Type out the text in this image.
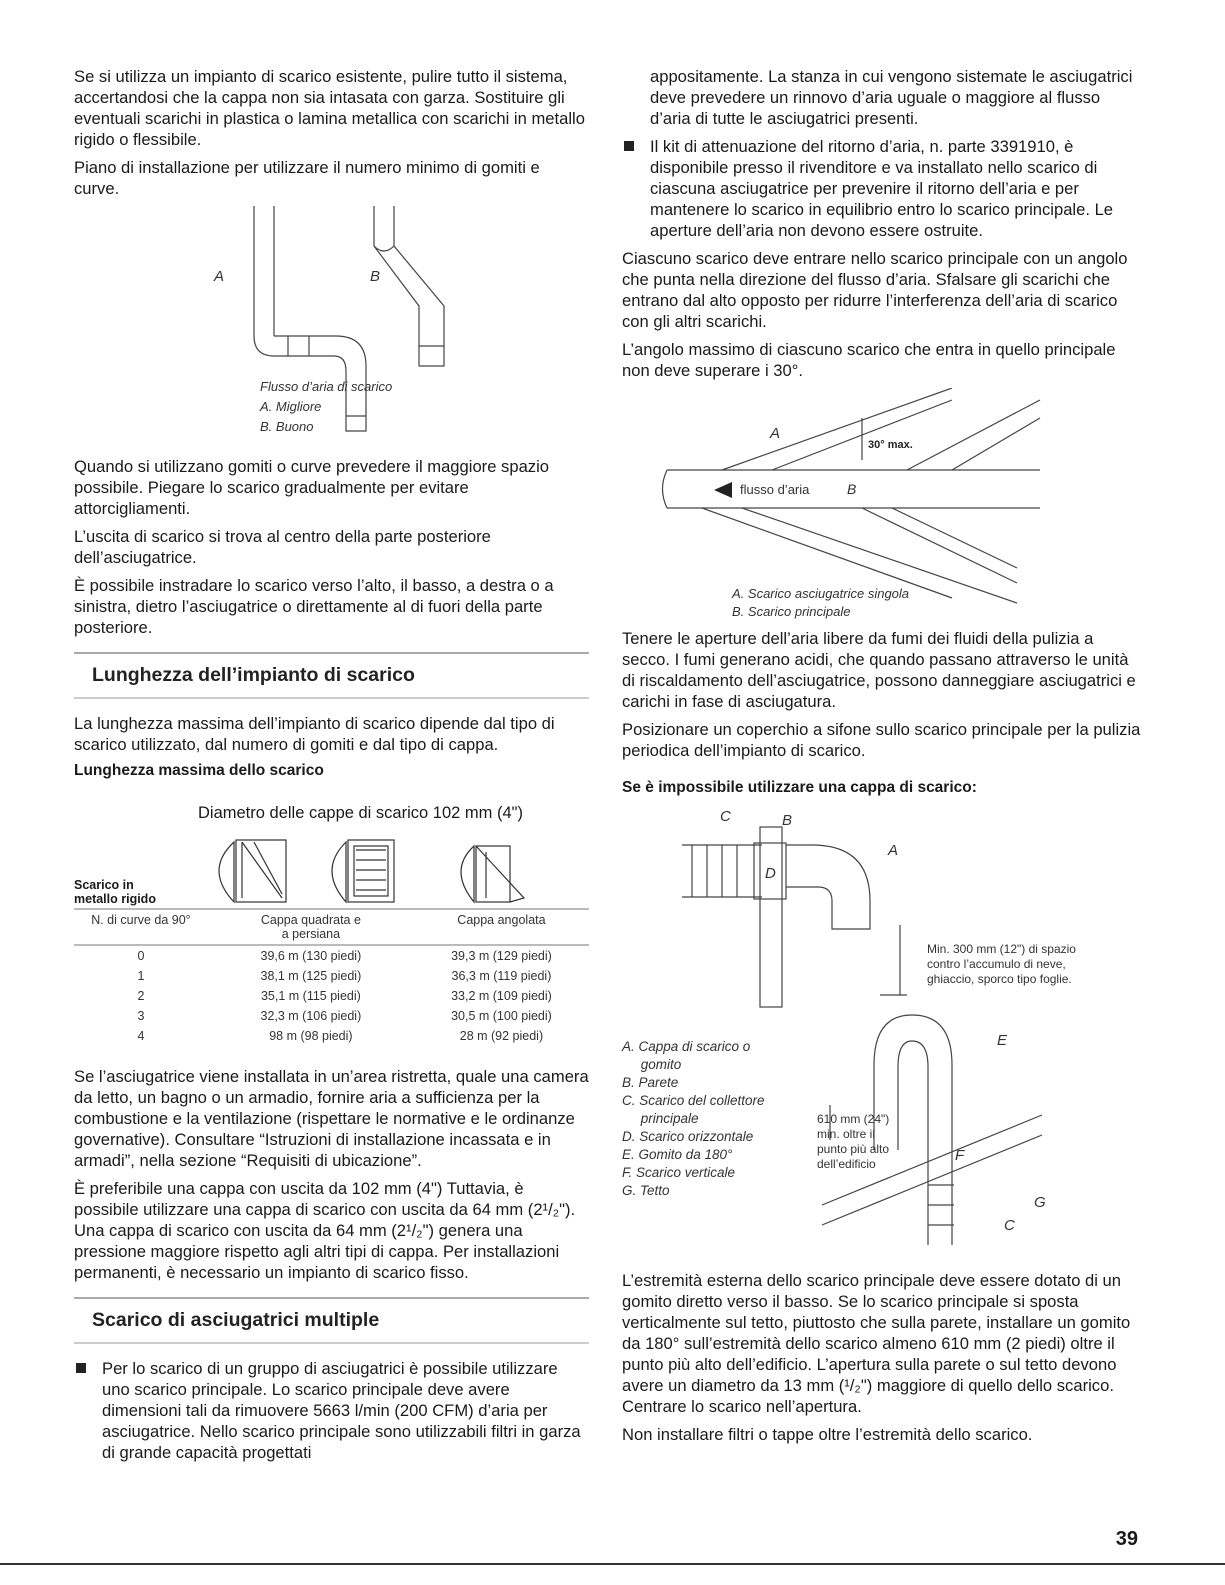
Se si utilizza un impianto di scarico esistente, pulire tutto il sistema, accertandosi che la cappa non sia intasata con garza. Sostituire gli eventuali scarichi in plastica o lamina metallica con scarichi in metallo rigido o flessibile.

Piano di installazione per utilizzare il numero minimo di gomiti e curve.

A	B
Flusso d’aria di scarico
A. Migliore
B. Buono

Quando si utilizzano gomiti o curve prevedere il maggiore spazio possibile. Piegare lo scarico gradualmente per evitare attorcigliamenti.

L’uscita di scarico si trova al centro della parte posteriore dell’asciugatrice.

È possibile instradare lo scarico verso l’alto, il basso, a destra o a sinistra, dietro l’asciugatrice o direttamente al di fuori della parte posteriore.

Lunghezza dell’impianto di scarico

La lunghezza massima dell’impianto di scarico dipende dal tipo di scarico utilizzato, dal numero di gomiti e dal tipo di cappa.

Lunghezza massima dello scarico
Diametro delle cappe di scarico 102 mm (4")
Scarico in
metallo rigido
N. di curve da 90°	Cappa quadrata e
a persiana	Cappa angolata
0	39,6 m (130 piedi)	39,3 m (129 piedi)
1	38,1 m (125 piedi)	36,3 m (119 piedi)
2	35,1 m (115 piedi)	33,2 m (109 piedi)
3	32,3 m (106 piedi)	30,5 m (100 piedi)
4	98 m (98 piedi)	28 m (92 piedi)

Se l’asciugatrice viene installata in un’area ristretta, quale una camera da letto, un bagno o un armadio, fornire aria a sufficienza per la combustione e la ventilazione (rispettare le normative e le ordinanze governative). Consultare “Istruzioni di installazione incassata e in armadi”, nella sezione “Requisiti di ubicazione”.

È preferibile una cappa con uscita da 102 mm (4") Tuttavia, è possibile utilizzare una cappa di scarico con uscita da 64 mm (2¹/₂"). Una cappa di scarico con uscita da 64 mm (2¹/₂") genera una pressione maggiore rispetto agli altri tipi di cappa. Per installazioni permanenti, è necessario un impianto di scarico fisso.

Scarico di asciugatrici multiple

Per lo scarico di un gruppo di asciugatrici è possibile utilizzare uno scarico principale. Lo scarico principale deve avere dimensioni tali da rimuovere 5663 l/min (200 CFM) d’aria per asciugatrice. Nello scarico principale sono utilizzabili filtri in garza di grande capacità progettati

appositamente. La stanza in cui vengono sistemate le asciugatrici deve prevedere un rinnovo d’aria uguale o maggiore al flusso d’aria di tutte le asciugatrici presenti.

Il kit di attenuazione del ritorno d’aria, n. parte 3391910, è disponibile presso il rivenditore e va installato nello scarico di ciascuna asciugatrice per prevenire il ritorno dell’aria e per mantenere lo scarico in equilibrio entro lo scarico principale. Le aperture dell’aria non devono essere ostruite.

Ciascuno scarico deve entrare nello scarico principale con un angolo che punta nella direzione del flusso d’aria. Sfalsare gli scarichi che entrano dal alto opposto per ridurre l’interferenza dell’aria di scarico con gli altri scarichi.

L’angolo massimo di ciascuno scarico che entra in quello principale non deve superare i 30°.

A
30° max.
flusso d’aria	B
A. Scarico asciugatrice singola
B. Scarico principale

Tenere le aperture dell’aria libere da fumi dei fluidi della pulizia a secco. I fumi generano acidi, che quando passano attraverso le unità di riscaldamento dell’asciugatrice, possono danneggiare asciugatrici e carichi in fase di asciugatura.

Posizionare un coperchio a sifone sullo scarico principale per la pulizia periodica dell’impianto di scarico.

Se è impossibile utilizzare una cappa di scarico:
C	B
A
D
E
F
G
C
Min. 300 mm (12") di spazio
contro l’accumulo di neve,
ghiaccio, sporco tipo foglie.
610 mm (24")
min. oltre il
punto più alto
dell’edificio
A. Cappa di scarico o
gomito
B. Parete
C. Scarico del collettore
principale
D. Scarico orizzontale
E. Gomito da 180°
F. Scarico verticale
G. Tetto

L’estremità esterna dello scarico principale deve essere dotato di un gomito diretto verso il basso. Se lo scarico principale si sposta verticalmente sul tetto, piuttosto che sulla parete, installare un gomito da 180° sull’estremità dello scarico almeno 610 mm (2 piedi) oltre il punto più alto dell’edificio. L’apertura sulla parete o sul tetto devono avere un diametro da 13 mm (¹/₂") maggiore di quello dello scarico. Centrare lo scarico nell’apertura.

Non installare filtri o tappe oltre l’estremità dello scarico.

39
